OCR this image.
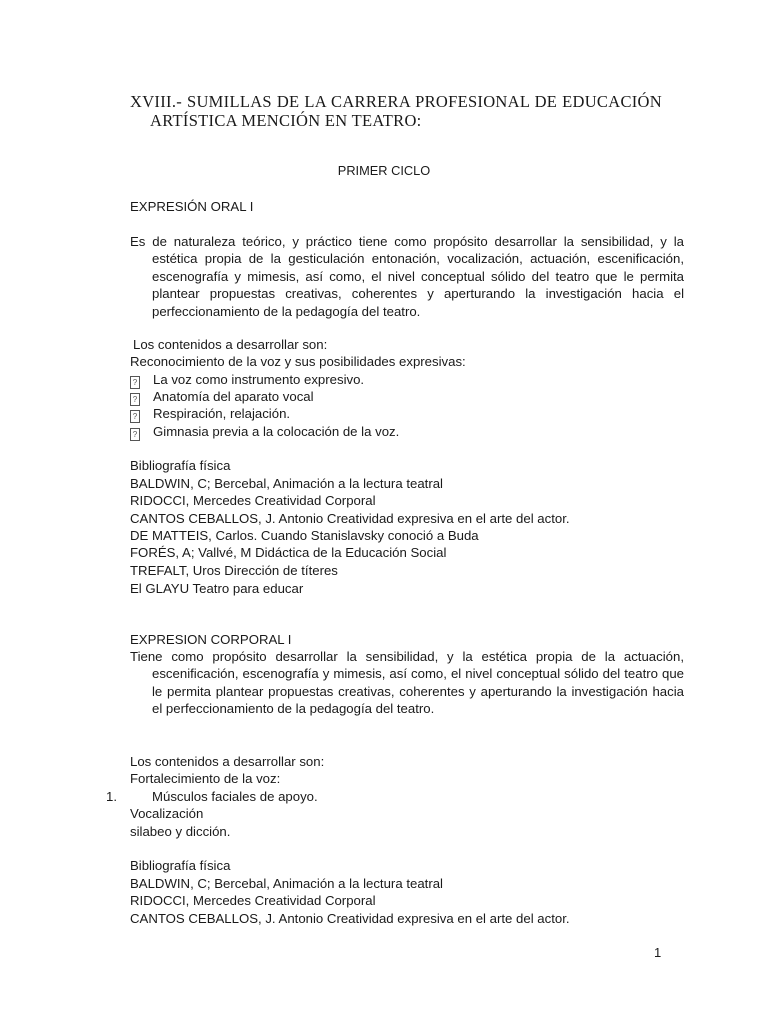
XVIII.- SUMILLAS DE LA CARRERA PROFESIONAL DE EDUCACIÓN
ARTÍSTICA MENCIÓN EN TEATRO:
PRIMER CICLO
EXPRESIÓN ORAL I
Es de naturaleza teórico, y práctico tiene como propósito desarrollar la sensibilidad, y la estética propia de la gesticulación entonación, vocalización, actuación, escenificación, escenografía y mimesis, así como, el nivel conceptual sólido del teatro que le permita plantear propuestas creativas, coherentes y aperturando la investigación hacia el perfeccionamiento de la pedagogía del teatro.
Los contenidos a desarrollar son:
Reconocimiento de la voz y sus posibilidades expresivas:
? La voz como instrumento expresivo.
? Anatomía del aparato vocal
? Respiración, relajación.
? Gimnasia previa a la colocación de la voz.
Bibliografía física
BALDWIN, C; Bercebal, Animación a la lectura teatral
RIDOCCI, Mercedes Creatividad Corporal
CANTOS CEBALLOS, J. Antonio Creatividad expresiva en el arte del actor.
DE MATTEIS, Carlos. Cuando Stanislavsky conoció a Buda
FORÉS, A; Vallvé, M Didáctica de la Educación Social
TREFALT, Uros Dirección de títeres
El GLAYU Teatro para educar
EXPRESION CORPORAL I
Tiene como propósito desarrollar la sensibilidad, y la estética propia de la actuación, escenificación, escenografía y mimesis, así como, el nivel conceptual sólido del teatro que le permita plantear propuestas creativas, coherentes y aperturando la investigación hacia el perfeccionamiento de la pedagogía del teatro.
Los contenidos a desarrollar son:
Fortalecimiento de la voz:
1.	Músculos faciales de apoyo.
Vocalización
silabeo y dicción.
Bibliografía física
BALDWIN, C; Bercebal, Animación a la lectura teatral
RIDOCCI, Mercedes Creatividad Corporal
CANTOS CEBALLOS, J. Antonio Creatividad expresiva en el arte del actor.
1
